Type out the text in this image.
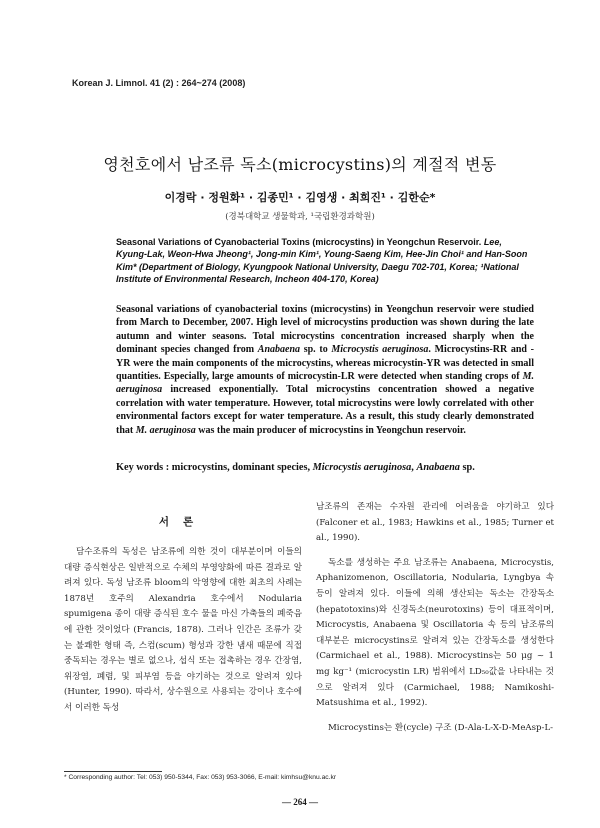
Korean J. Limnol. 41 (2) : 264~274 (2008)
영천호에서 남조류 독소(microcystins)의 계절적 변동
이경락 · 정원화¹ · 김종민¹ · 김영생 · 최희진¹ · 김한순*
(경북대학교 생물학과, ¹국립환경과학원)
Seasonal Variations of Cyanobacterial Toxins (microcystins) in Yeongchun Reservoir. Lee, Kyung-Lak, Weon-Hwa Jheong¹, Jong-min Kim¹, Young-Saeng Kim, Hee-Jin Choi¹ and Han-Soon Kim* (Department of Biology, Kyungpook National University, Daegu 702-701, Korea; ¹National Institute of Environmental Research, Incheon 404-170, Korea)
Seasonal variations of cyanobacterial toxins (microcystins) in Yeongchun reservoir were studied from March to December, 2007. High level of microcystins production was shown during the late autumn and winter seasons. Total microcystins concentration increased sharply when the dominant species changed from Anabaena sp. to Microcystis aeruginosa. Microcystins-RR and -YR were the main components of the microcystins, whereas microcystin-YR was detected in small quantities. Especially, large amounts of microcystin-LR were detected when standing crops of M. aeruginosa increased exponentially. Total microcystins concentration showed a negative correlation with water temperature. However, total microcystins were lowly correlated with other environmental factors except for water temperature. As a result, this study clearly demonstrated that M. aeruginosa was the main producer of microcystins in Yeongchun reservoir.
Key words : microcystins, dominant species, Microcystis aeruginosa, Anabaena sp.
서론

담수조류의 독성은 남조류에 의한 것이 대부분이며 이들의 대량 증식현상은 일반적으로 수체의 부영양화에 따른 결과로 알려져 있다. 독성 남조류 bloom의 악영향에 대한 최초의 사례는 1878년 호주의 Alexandria 호수에서 Nodularia spumigena 종이 대량 증식된 호수 물을 마신 가축들의 폐죽음에 관한 것이었다 (Francis, 1878). 그러나 인간은 조류가 갖는 불쾌한 형태 즉, 스컴(scum) 형성과 강한 냄새 때문에 직접 중독되는 경우는 별로 없으나, 섭식 또는 접촉하는 경우 간장염, 위장염, 폐렴, 및 피부염 등을 야기하는 것으로 알려져 있다(Hunter, 1990). 따라서, 상수원으로 사용되는 강이나 호수에서 이러한 독성

남조류의 존재는 수자원 관리에 어려움을 야기하고 있다 (Falconer et al., 1983; Hawkins et al., 1985; Turner et al., 1990).

독소를 생성하는 주요 남조류는 Anabaena, Microcystis, Aphanizomenon, Oscillatoria, Nodularia, Lyngbya 속 등이 알려져 있다. 이들에 의해 생산되는 독소는 간장독소(hepatotoxins)와 신경독소(neurotoxins) 등이 대표적이며, Microcystis, Anabaena 및 Oscillatoria 속 등의 남조류의 대부분은 microcystins로 알려져 있는 간장독소를 생성한다(Carmichael et al., 1988). Microcystins는 50 μg ~ 1 mg kg⁻¹ (microcystin LR) 범위에서 LD₅₀값을 나타내는 것으로 알려져 있다 (Carmichael, 1988; Namikoshi-Matsushima et al., 1992).

Microcystins는 환(cycle) 구조 (D-Ala-L-X-D-MeAsp-L-

* Corresponding author: Tel: 053) 950-5344, Fax: 053) 953-3066, E-mail: kimhsu@knu.ac.kr
— 264 —
